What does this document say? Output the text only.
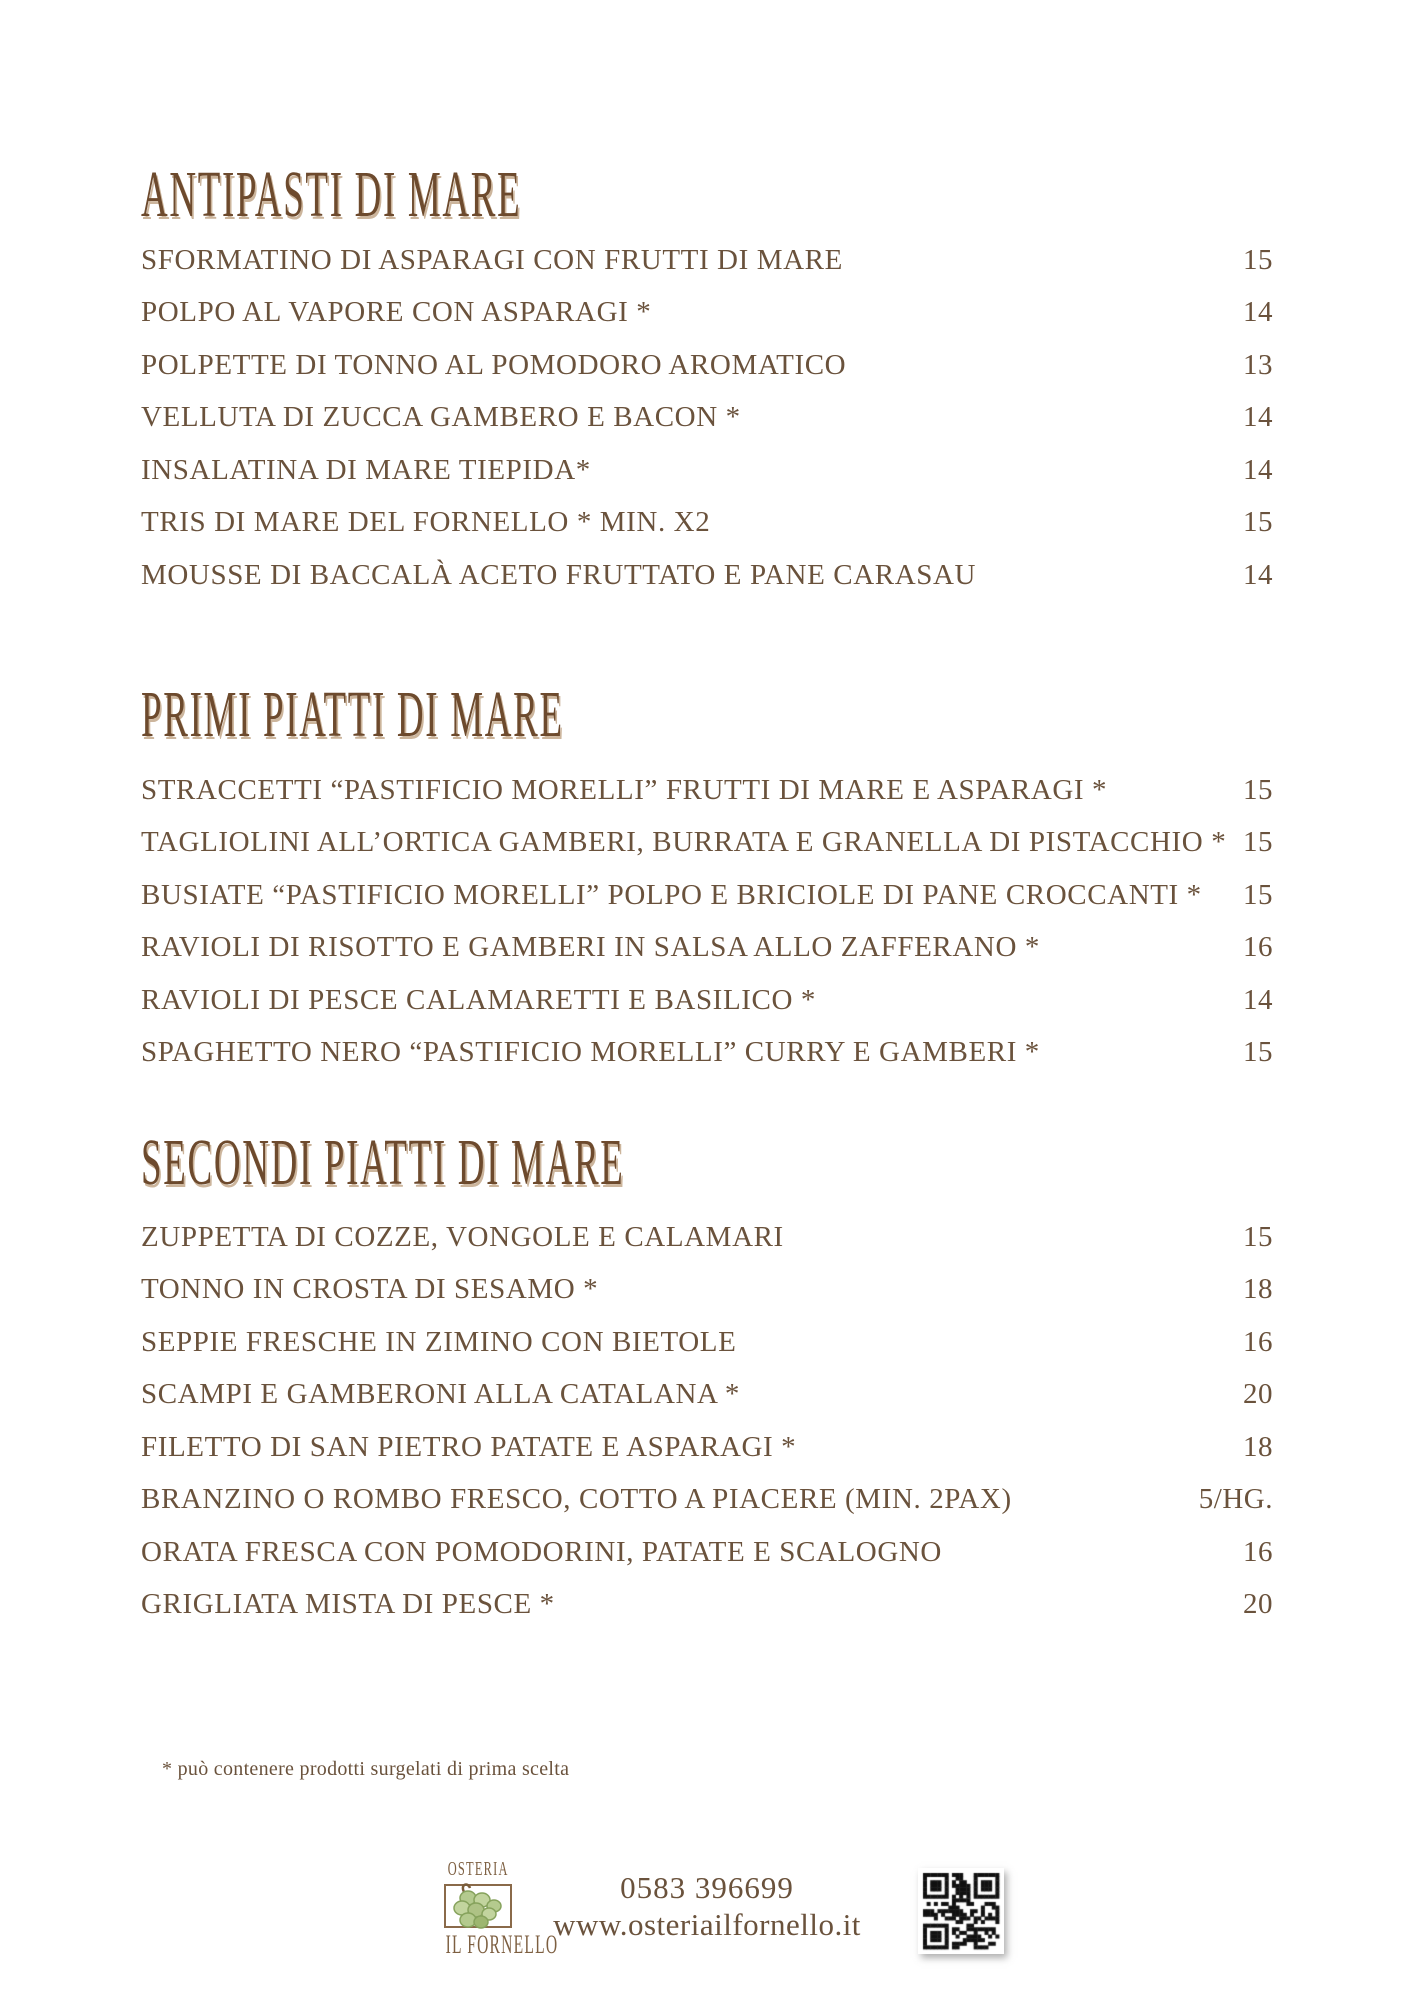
ANTIPASTI DI MARE
SFORMATINO DI ASPARAGI CON FRUTTI DI MARE	15
POLPO AL VAPORE CON ASPARAGI *	14
POLPETTE DI TONNO AL POMODORO AROMATICO	13
VELLUTA DI ZUCCA GAMBERO E BACON *	14
INSALATINA DI MARE TIEPIDA*	14
TRIS DI MARE DEL FORNELLO * MIN. X2	15
MOUSSE DI BACCALÀ ACETO FRUTTATO E PANE CARASAU	14
PRIMI PIATTI DI MARE
STRACCETTI “PASTIFICIO MORELLI” FRUTTI DI MARE E ASPARAGI *	15
TAGLIOLINI ALL’ORTICA GAMBERI, BURRATA E GRANELLA DI PISTACCHIO * 15
BUSIATE “PASTIFICIO MORELLI” POLPO E BRICIOLE DI PANE CROCCANTI * 15
RAVIOLI DI RISOTTO E GAMBERI IN SALSA ALLO ZAFFERANO *	16
RAVIOLI DI PESCE CALAMARETTI E BASILICO *	14
SPAGHETTO NERO “PASTIFICIO MORELLI” CURRY E GAMBERI *	15
SECONDI PIATTI DI MARE
ZUPPETTA DI COZZE, VONGOLE E CALAMARI	15
TONNO IN CROSTA DI SESAMO *	18
SEPPIE FRESCHE IN ZIMINO CON BIETOLE	16
SCAMPI E GAMBERONI ALLA CATALANA *	20
FILETTO DI SAN PIETRO PATATE E ASPARAGI *	18
BRANZINO O ROMBO FRESCO, COTTO A PIACERE (MIN. 2PAX)	5/HG.
ORATA FRESCA CON POMODORINI, PATATE E SCALOGNO	16
GRIGLIATA MISTA DI PESCE *	20
* può contenere prodotti surgelati di prima scelta
OSTERIA
IL FORNELLO
0583 396699
www.osteriailfornello.it
